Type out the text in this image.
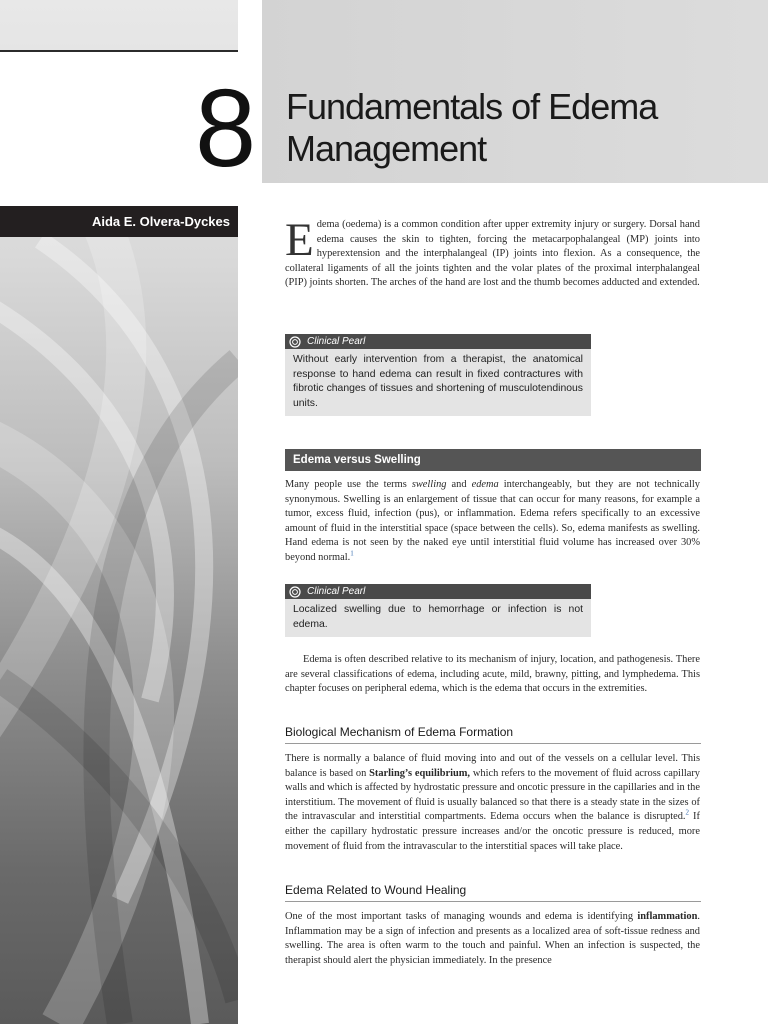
Aida E. Olvera-Dyckes
8 Fundamentals of Edema
Management

Edema (oedema) is a common condition after upper extremity injury or surgery. Dorsal hand edema causes the skin to tighten, forcing the metacarpophalangeal (MP) joints into hyperextension and the interphalangeal (IP) joints into flexion. As a consequence, the collateral ligaments of all the joints tighten and the volar plates of the proximal interphalangeal (PIP) joints shorten. The arches of the hand are lost and the thumb becomes adducted and extended.

Clinical Pearl
Without early intervention from a therapist, the anatomical response to hand edema can result in fixed contractures with fibrotic changes of tissues and shortening of musculotendinous units.
Edema versus Swelling

Many people use the terms swelling and edema interchangeably, but they are not technically synonymous. Swelling is an enlargement of tissue that can occur for many reasons, for example a tumor, excess fluid, infection (pus), or inflammation. Edema refers specifically to an excessive amount of fluid in the interstitial space (space between the cells). So, edema manifests as swelling. Hand edema is not seen by the naked eye until interstitial fluid volume has increased over 30% beyond normal.$^1$

Clinical Pearl
Localized swelling due to hemorrhage or infection is not edema.

Edema is often described relative to its mechanism of injury, location, and pathogenesis. There are several classifications of edema, including acute, mild, brawny, pitting, and lymphedema. This chapter focuses on peripheral edema, which is the edema that occurs in the extremities.

Biological Mechanism of Edema Formation

There is normally a balance of fluid moving into and out of the vessels on a cellular level. This balance is based on Starling’s equilibrium, which refers to the movement of fluid across capillary walls and which is affected by hydrostatic pressure and oncotic pressure in the capillaries and in the interstitium. The movement of fluid is usually balanced so that there is a steady state in the sizes of the intravascular and interstitial compartments. Edema occurs when the balance is disrupted.$^2$ If either the capillary hydrostatic pressure increases and/or the oncotic pressure is reduced, more movement of fluid from the intravascular to the interstitial spaces will take place.

Edema Related to Wound Healing

One of the most important tasks of managing wounds and edema is identifying inflammation. Inflammation may be a sign of infection and presents as a localized area of soft-tissue redness and swelling. The area is often warm to the touch and painful. When an infection is suspected, the therapist should alert the physician immediately. In the presence
